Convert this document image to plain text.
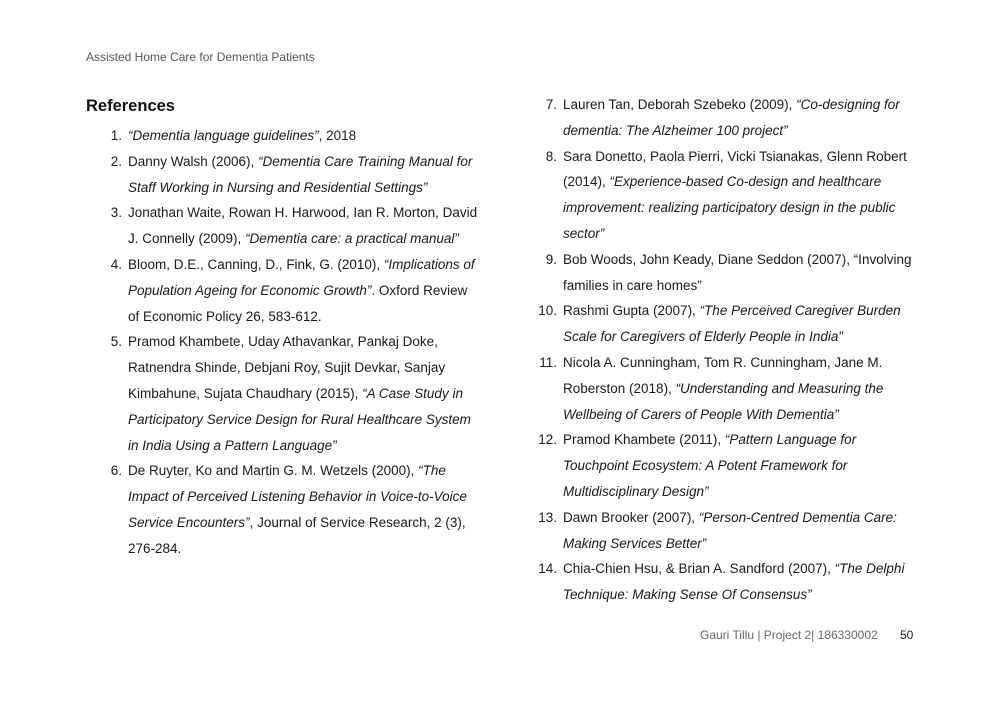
Assisted Home Care for Dementia Patients
References
1. “Dementia language guidelines”, 2018
2. Danny Walsh (2006), “Dementia Care Training Manual for Staff Working in Nursing and Residential Settings”
3. Jonathan Waite, Rowan H. Harwood, Ian R. Morton, David J. Connelly (2009), “Dementia care: a practical manual”
4. Bloom, D.E., Canning, D., Fink, G. (2010), “Implications of Population Ageing for Economic Growth”. Oxford Review of Economic Policy 26, 583-612.
5. Pramod Khambete, Uday Athavankar, Pankaj Doke, Ratnendra Shinde, Debjani Roy, Sujit Devkar, Sanjay Kimbahune, Sujata Chaudhary (2015), “A Case Study in Participatory Service Design for Rural Healthcare System in India Using a Pattern Language”
6. De Ruyter, Ko and Martin G. M. Wetzels (2000), “The Impact of Perceived Listening Behavior in Voice-to-Voice Service Encounters”, Journal of Service Research, 2 (3), 276-284.
7. Lauren Tan, Deborah Szebeko (2009), “Co-designing for dementia: The Alzheimer 100 project”
8. Sara Donetto, Paola Pierri, Vicki Tsianakas, Glenn Robert (2014), “Experience-based Co-design and healthcare improvement: realizing participatory design in the public sector”
9. Bob Woods, John Keady, Diane Seddon (2007), “Involving families in care homes”
10. Rashmi Gupta (2007), “The Perceived Caregiver Burden Scale for Caregivers of Elderly People in India”
11. Nicola A. Cunningham, Tom R. Cunningham, Jane M. Roberston (2018), “Understanding and Measuring the Wellbeing of Carers of People With Dementia”
12. Pramod Khambete (2011), “Pattern Language for Touchpoint Ecosystem: A Potent Framework for Multidisciplinary Design”
13. Dawn Brooker (2007), “Person-Centred Dementia Care: Making Services Better”
14. Chia-Chien Hsu, & Brian A. Sandford (2007), “The Delphi Technique: Making Sense Of Consensus”
Gauri Tillu | Project 2| 186330002 50
